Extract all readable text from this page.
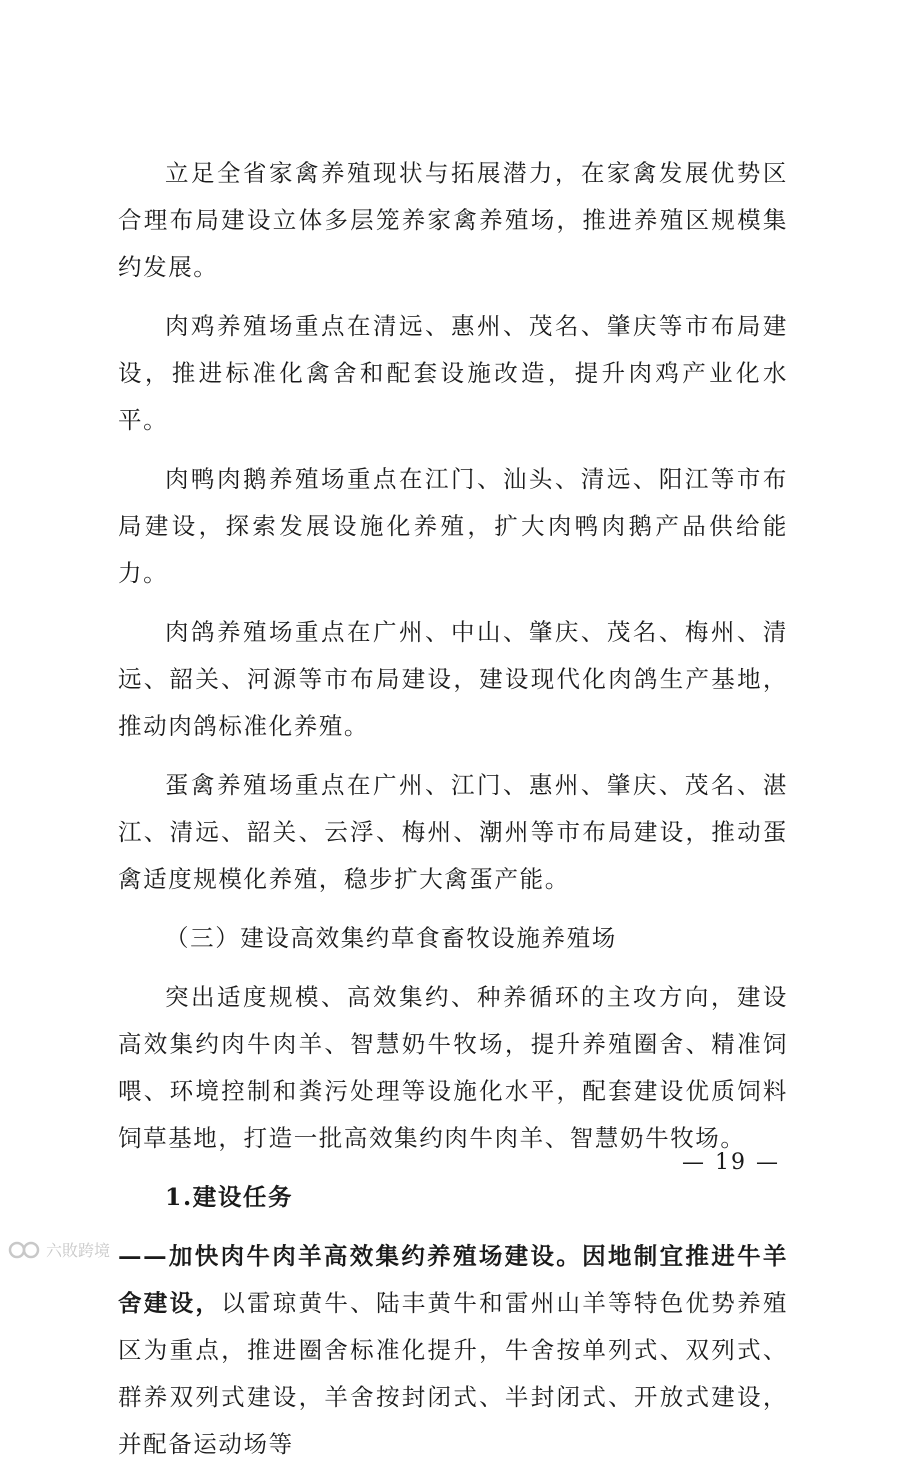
立足全省家禽养殖现状与拓展潜力，在家禽发展优势区合理布局建设立体多层笼养家禽养殖场，推进养殖区规模集约发展。

肉鸡养殖场重点在清远、惠州、茂名、肇庆等市布局建设，推进标准化禽舍和配套设施改造，提升肉鸡产业化水平。

肉鸭肉鹅养殖场重点在江门、汕头、清远、阳江等市布局建设，探索发展设施化养殖，扩大肉鸭肉鹅产品供给能力。

肉鸽养殖场重点在广州、中山、肇庆、茂名、梅州、清远、韶关、河源等市布局建设，建设现代化肉鸽生产基地，推动肉鸽标准化养殖。

蛋禽养殖场重点在广州、江门、惠州、肇庆、茂名、湛江、清远、韶关、云浮、梅州、潮州等市布局建设，推动蛋禽适度规模化养殖，稳步扩大禽蛋产能。

（三）建设高效集约草食畜牧设施养殖场

突出适度规模、高效集约、种养循环的主攻方向，建设高效集约肉牛肉羊、智慧奶牛牧场，提升养殖圈舍、精准饲喂、环境控制和粪污处理等设施化水平，配套建设优质饲料饲草基地，打造一批高效集约肉牛肉羊、智慧奶牛牧场。

1.建设任务

——加快肉牛肉羊高效集约养殖场建设。因地制宜推进牛羊舍建设，以雷琼黄牛、陆丰黄牛和雷州山羊等特色优势养殖区为重点，推进圈舍标准化提升，牛舍按单列式、双列式、群养双列式建设，羊舍按封闭式、半封闭式、开放式建设，并配备运动场等

— 19 —
六敗跨境
